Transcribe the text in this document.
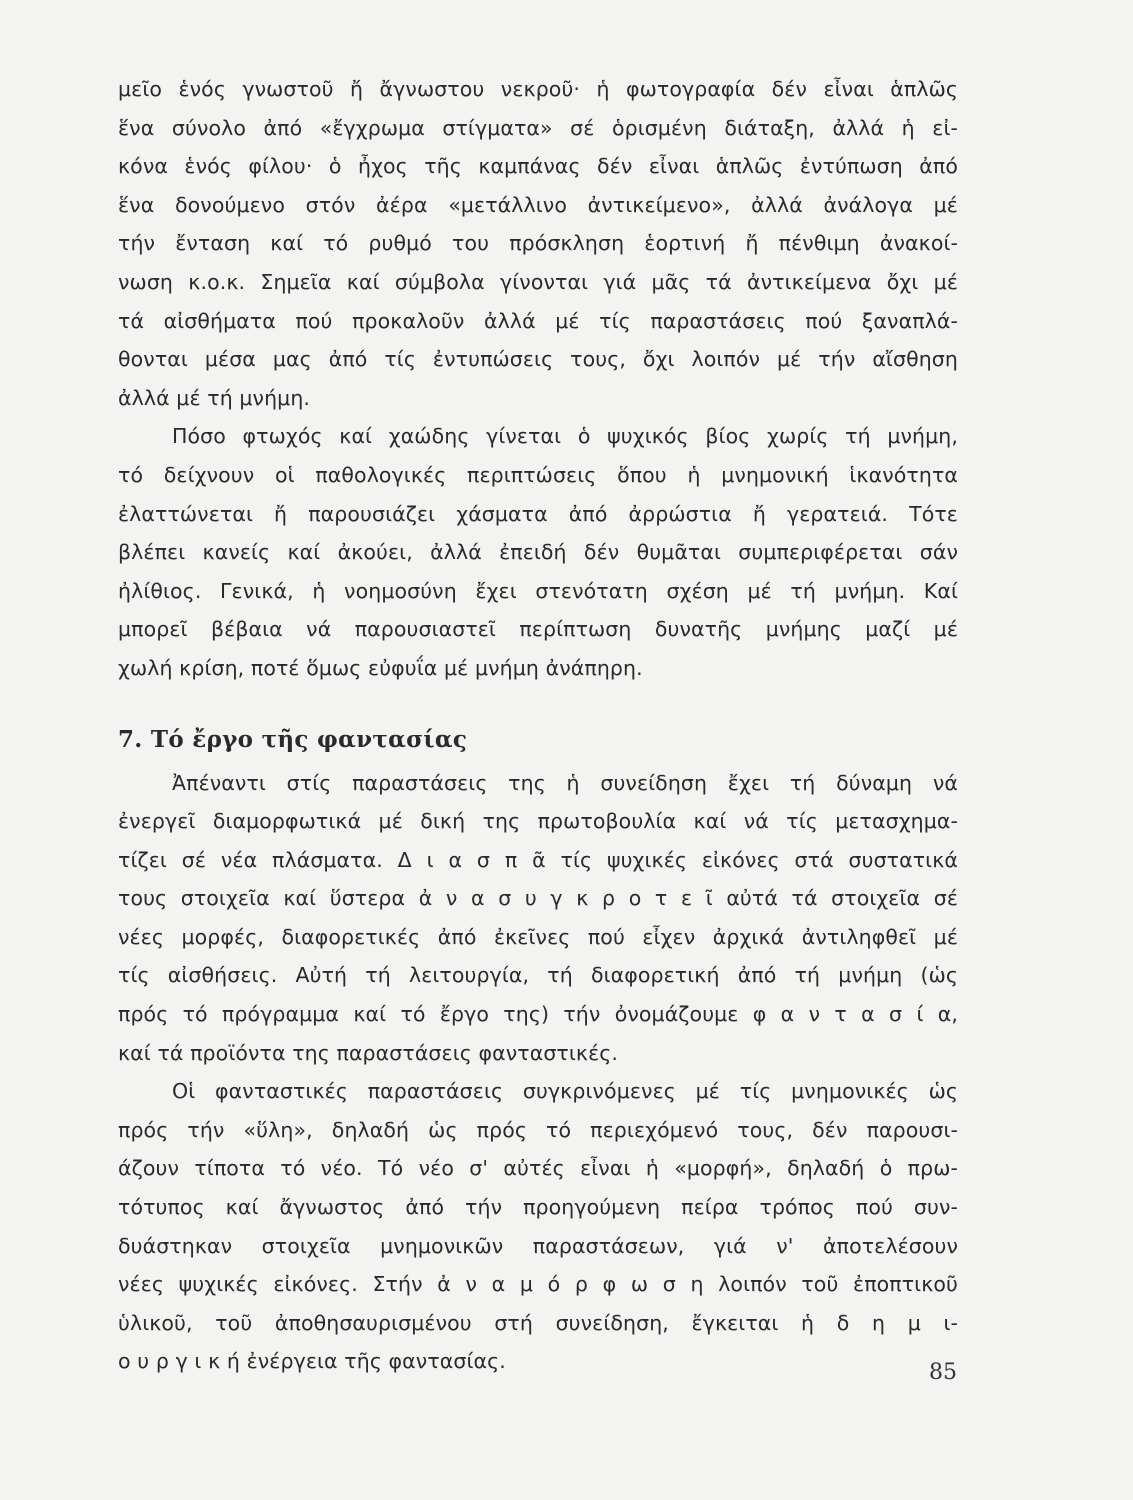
μεῖο ἑνός γνωστοῦ ἤ ἄγνωστου νεκροῦ· ἡ φωτογραφία δέν εἶναι ἁπλῶς
ἕνα σύνολο ἀπό «ἔγχρωμα στίγματα» σέ ὁρισμένη διάταξη, ἀλλά ἡ εἰ-
κόνα ἑνός φίλου· ὁ ἦχος τῆς καμπάνας δέν εἶναι ἁπλῶς ἐντύπωση ἀπό
ἕνα δονούμενο στόν ἀέρα «μετάλλινο ἀντικείμενο», ἀλλά ἀνάλογα μέ
τήν ἔνταση καί τό ρυθμό του πρόσκληση ἑορτινή ἤ πένθιμη ἀνακοί-
νωση κ.ο.κ. Σημεῖα καί σύμβολα γίνονται γιά μᾶς τά ἀντικείμενα ὄχι μέ
τά αἰσθήματα πού προκαλοῦν ἀλλά μέ τίς παραστάσεις πού ξαναπλά-
θονται μέσα μας ἀπό τίς ἐντυπώσεις τους, ὄχι λοιπόν μέ τήν αἴσθηση
ἀλλά μέ τή μνήμη.
Πόσο φτωχός καί χαώδης γίνεται ὁ ψυχικός βίος χωρίς τή μνήμη,
τό δείχνουν οἱ παθολογικές περιπτώσεις ὅπου ἡ μνημονική ἱκανότητα
ἐλαττώνεται ἤ παρουσιάζει χάσματα ἀπό ἀρρώστια ἤ γερατειά. Τότε
βλέπει κανείς καί ἀκούει, ἀλλά ἐπειδή δέν θυμᾶται συμπεριφέρεται σάν
ἠλίθιος. Γενικά, ἡ νοημοσύνη ἔχει στενότατη σχέση μέ τή μνήμη. Καί
μπορεῖ βέβαια νά παρουσιαστεῖ περίπτωση δυνατῆς μνήμης μαζί μέ
χωλή κρίση, ποτέ ὅμως εὐφυΐα μέ μνήμη ἀνάπηρη.
7. Τό ἔργο τῆς φαντασίας
Ἀπέναντι στίς παραστάσεις της ἡ συνείδηση ἔχει τή δύναμη νά
ἐνεργεῖ διαμορφωτικά μέ δική της πρωτοβουλία καί νά τίς μετασχημα-
τίζει σέ νέα πλάσματα. Δ ι α σ π ᾶ τίς ψυχικές εἰκόνες στά συστατικά
τους στοιχεῖα καί ὕστερα ἀ ν α σ υ γ κ ρ ο τ ε ῖ αὐτά τά στοιχεῖα σέ
νέες μορφές, διαφορετικές ἀπό ἐκεῖνες πού εἶχεν ἀρχικά ἀντιληφθεῖ μέ
τίς αἰσθήσεις. Αὐτή τή λειτουργία, τή διαφορετική ἀπό τή μνήμη (ὡς
πρός τό πρόγραμμα καί τό ἔργο της) τήν ὀνομάζουμε φ α ν τ α σ ί α,
καί τά προϊόντα της παραστάσεις φανταστικές.
Οἱ φανταστικές παραστάσεις συγκρινόμενες μέ τίς μνημονικές ὡς
πρός τήν «ὕλη», δηλαδή ὡς πρός τό περιεχόμενό τους, δέν παρουσι-
άζουν τίποτα τό νέο. Τό νέο σ' αὐτές εἶναι ἡ «μορφή», δηλαδή ὁ πρω-
τότυπος καί ἄγνωστος ἀπό τήν προηγούμενη πείρα τρόπος πού συν-
δυάστηκαν στοιχεῖα μνημονικῶν παραστάσεων, γιά ν' ἀποτελέσουν
νέες ψυχικές εἰκόνες. Στήν ἀ ν α μ ό ρ φ ω σ η λοιπόν τοῦ ἐποπτικοῦ
ὑλικοῦ, τοῦ ἀποθησαυρισμένου στή συνείδηση, ἔγκειται ἡ δ η μ ι-
ο υ ρ γ ι κ ή ἐνέργεια τῆς φαντασίας.	85
